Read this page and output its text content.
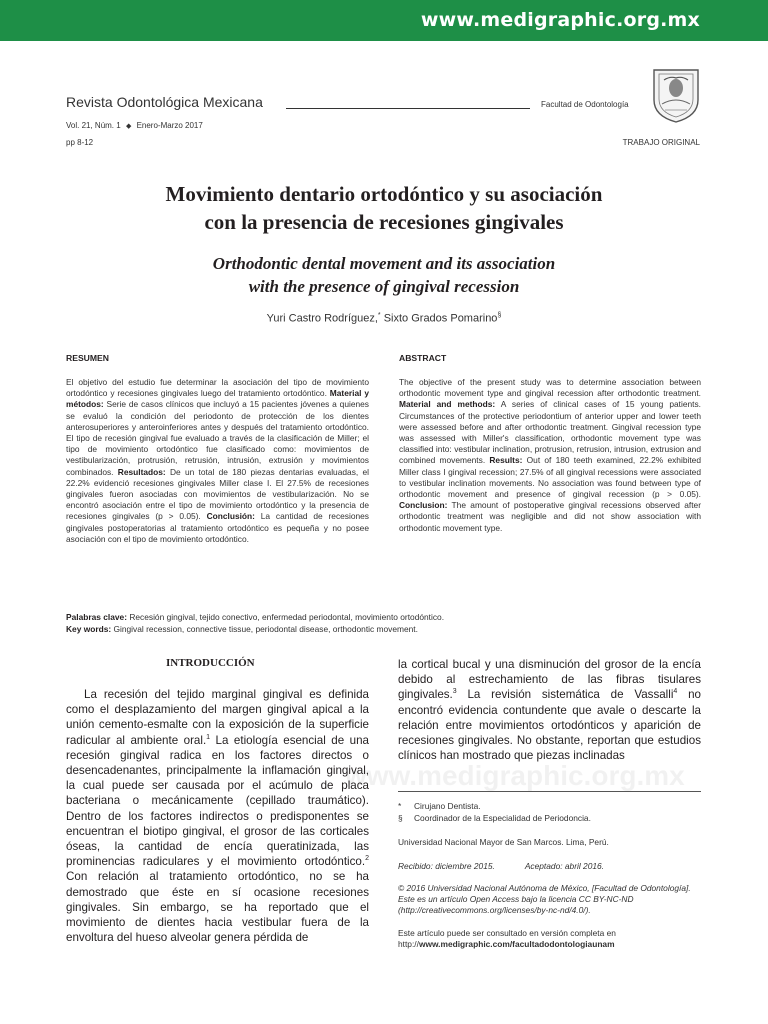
www.medigraphic.org.mx
Revista Odontológica Mexicana	Facultad de Odontología
Vol. 21, Núm. 1 ◆ Enero-Marzo 2017
pp 8-12	TRABAJO ORIGINAL
Movimiento dentario ortodóntico y su asociación
con la presencia de recesiones gingivales
Orthodontic dental movement and its association
with the presence of gingival recession
Yuri Castro Rodríguez,* Sixto Grados Pomarino§
RESUMEN
El objetivo del estudio fue determinar la asociación del tipo de movimiento ortodóntico y recesiones gingivales luego del tratamiento ortodóntico. Material y métodos: Serie de casos clínicos que incluyó a 15 pacientes jóvenes a quienes se evaluó la condición del periodonto de protección de los dientes anterosuperiores y anteroinferiores antes y después del tratamiento ortodóntico. El tipo de recesión gingival fue evaluado a través de la clasificación de Miller; el tipo de movimiento ortodóntico fue clasificado como: movimientos de vestibularización, protrusión, retrusión, intrusión, extrusión y movimientos combinados. Resultados: De un total de 180 piezas dentarias evaluadas, el 22.2% evidenció recesiones gingivales Miller clase I. El 27.5% de recesiones gingivales fueron asociadas con movimientos de vestibularización. No se encontró asociación entre el tipo de movimiento ortodóntico y la presencia de recesiones gingivales (p > 0.05). Conclusión: La cantidad de recesiones gingivales postoperatorias al tratamiento ortodóntico es pequeña y no posee asociación con el tipo de movimiento ortodóntico.
ABSTRACT
The objective of the present study was to determine association between orthodontic movement type and gingival recession after orthodontic treatment. Material and methods: A series of clinical cases of 15 young patients. Circumstances of the protective periodontium of anterior upper and lower teeth were assessed before and after orthodontic treatment. Gingival recession type was assessed with Miller's classification, orthodontic movement type was classified into: vestibular inclination, protrusion, retrusion, intrusion, extrusion and combined movements. Results: Out of 180 teeth examined, 22.2% exhibited Miller class I gingival recession; 27.5% of all gingival recessions were associated to vestibular inclination movements. No association was found between type of orthodontic movement and presence of gingival recession (p > 0.05). Conclusion: The amount of postoperative gingival recessions observed after orthodontic treatment was negligible and did not show association with orthodontic movement type.
Palabras clave: Recesión gingival, tejido conectivo, enfermedad periodontal, movimiento ortodóntico.
Key words: Gingival recession, connective tissue, periodontal disease, orthodontic movement.
INTRODUCCIÓN
La recesión del tejido marginal gingival es definida como el desplazamiento del margen gingival apical a la unión cemento-esmalte con la exposición de la superficie radicular al ambiente oral.$^1$ La etiología esencial de una recesión gingival radica en los factores directos o desencadenantes, principalmente la inflamación gingival, la cual puede ser causada por el acúmulo de placa bacteriana o mecánicamente (cepillado traumático). Dentro de los factores indirectos o predisponentes se encuentran el biotipo gingival, el grosor de las corticales óseas, la cantidad de encía queratinizada, las prominencias radiculares y el movimiento ortodóntico.$^2$ Con relación al tratamiento ortodóntico, no se ha demostrado que éste en sí ocasione recesiones gingivales. Sin embargo, se ha reportado que el movimiento de dientes hacia vestibular fuera de la envoltura del hueso alveolar genera pérdida de
la cortical bucal y una disminución del grosor de la encía debido al estrechamiento de las fibras tisulares gingivales.$^3$ La revisión sistemática de Vassalli$^4$ no encontró evidencia contundente que avale o descarte la relación entre movimientos ortodónticos y aparición de recesiones gingivales. No obstante, reportan que estudios clínicos han mostrado que piezas inclinadas
* Cirujano Dentista.
§ Coordinador de la Especialidad de Periodoncia.
Universidad Nacional Mayor de San Marcos. Lima, Perú.
Recibido: diciembre 2015.	Aceptado: abril 2016.
© 2016 Universidad Nacional Autónoma de México, [Facultad de Odontología]. Este es un artículo Open Access bajo la licencia CC BY-NC-ND (http://creativecommons.org/licenses/by-nc-nd/4.0/).
Este artículo puede ser consultado en versión completa en
http://www.medigraphic.com/facultadodontologiaunam
www.medigraphic.org.mx
